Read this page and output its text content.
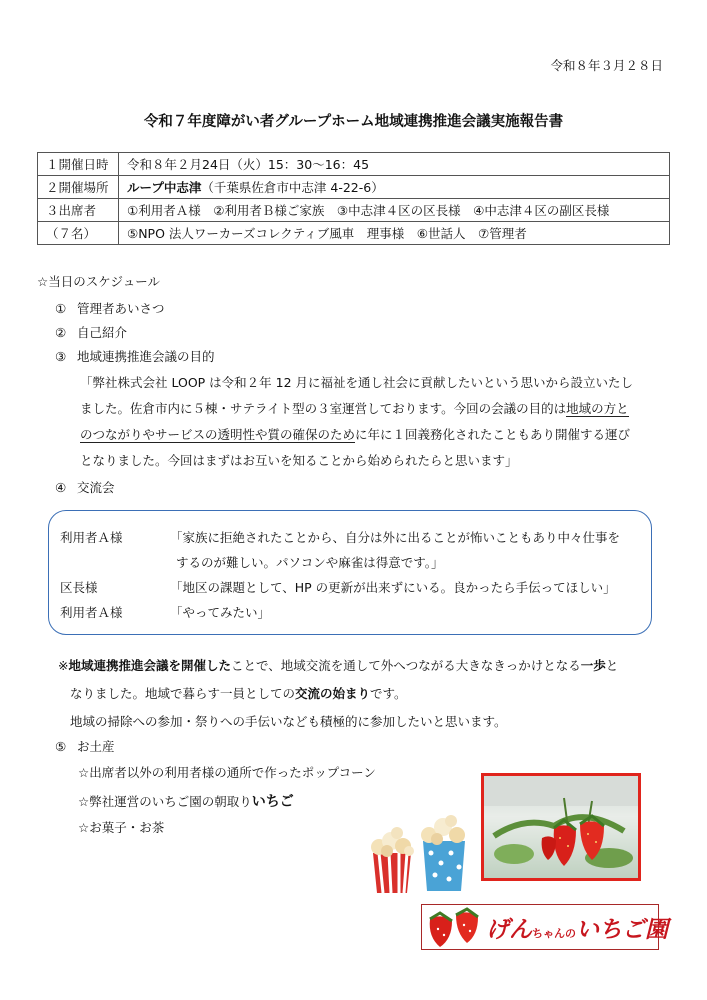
令和８年３月２８日
令和７年度障がい者グループホーム地域連携推進会議実施報告書
１開催日時	令和８年２月24日（火）15：30〜16：45
２開催場所	ループ中志津（千葉県佐倉市中志津 4-22-6）
３出席者	①利用者Ａ様　②利用者Ｂ様ご家族　③中志津４区の区長様　④中志津４区の副区長様
（７名）	⑤NPO 法人ワーカーズコレクティブ風車　理事様　⑥世話人　⑦管理者
☆当日のスケジュール
① 管理者あいさつ
② 自己紹介
③ 地域連携推進会議の目的
「弊社株式会社 LOOP は令和２年 12 月に福祉を通し社会に貢献したいという思いから設立いたし
ました。佐倉市内に５棟・サテライト型の３室運営しております。今回の会議の目的は地域の方と
のつながりやサービスの透明性や質の確保のために年に１回義務化されたこともあり開催する運び
となりました。今回はまずはお互いを知ることから始められたらと思います」
④ 交流会
利用者Ａ様	「家族に拒絶されたことから、自分は外に出ることが怖いこともあり中々仕事を
するのが難しい。パソコンや麻雀は得意です。」
区長様	「地区の課題として、HP の更新が出来ずにいる。良かったら手伝ってほしい」
利用者Ａ様	「やってみたい」
※地域連携推進会議を開催したことで、地域交流を通して外へつながる大きなきっかけとなる一歩と
なりました。地域で暮らす一員としての交流の始まりです。
地域の掃除への参加・祭りへの手伝いなども積極的に参加したいと思います。
⑤ お土産
☆出席者以外の利用者様の通所で作ったポップコーン
☆弊社運営のいちご園の朝取りいちご
☆お菓子・お茶
げんちゃんのいちご園
